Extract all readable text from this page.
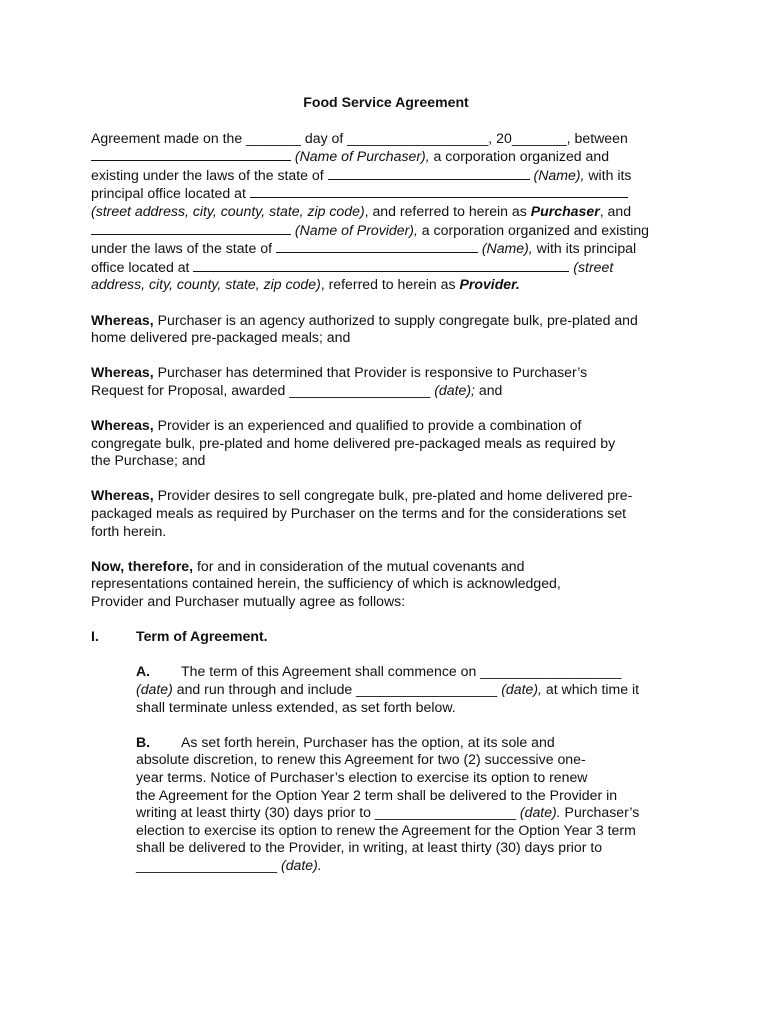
Food Service Agreement
Agreement made on the _______ day of __________________, 20_______, between
(Name of Purchaser), a corporation organized and
existing under the laws of the state of	(Name), with its
principal office located at
(street address, city, county, state, zip code), and referred to herein as Purchaser, and
(Name of Provider), a corporation organized and existing
under the laws of the state of	(Name), with its principal
office located at	(street
address, city, county, state, zip code), referred to herein as Provider.
Whereas, Purchaser is an agency authorized to supply congregate bulk, pre-plated and
home delivered pre-packaged meals; and
Whereas, Purchaser has determined that Provider is responsive to Purchaser’s
Request for Proposal, awarded __________________ (date); and
Whereas, Provider is an experienced and qualified to provide a combination of
congregate bulk, pre-plated and home delivered pre-packaged meals as required by
the Purchase; and
Whereas, Provider desires to sell congregate bulk, pre-plated and home delivered pre-
packaged meals as required by Purchaser on the terms and for the considerations set
forth herein.
Now, therefore, for and in consideration of the mutual covenants and
representations contained herein, the sufficiency of which is acknowledged,
Provider and Purchaser mutually agree as follows:
I.	Term of Agreement.
A. The term of this Agreement shall commence on __________________
(date) and run through and include __________________ (date), at which time it
shall terminate unless extended, as set forth below.
B. As set forth herein, Purchaser has the option, at its sole and
absolute discretion, to renew this Agreement for two (2) successive one-
year terms. Notice of Purchaser’s election to exercise its option to renew
the Agreement for the Option Year 2 term shall be delivered to the Provider in
writing at least thirty (30) days prior to __________________ (date). Purchaser’s
election to exercise its option to renew the Agreement for the Option Year 3 term
shall be delivered to the Provider, in writing, at least thirty (30) days prior to
__________________ (date).
